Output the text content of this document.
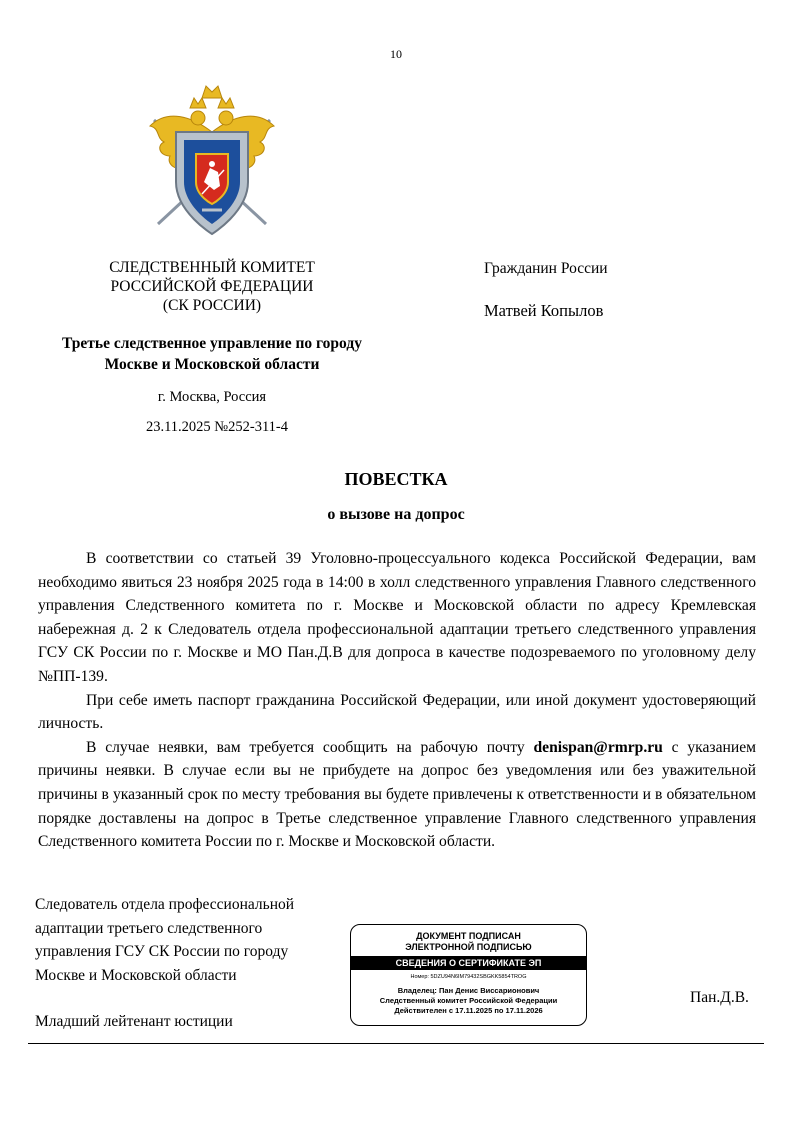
10
СЛЕДСТВЕННЫЙ КОМИТЕТ
РОССИЙСКОЙ ФЕДЕРАЦИИ
(СК РОССИИ)
Третье следственное управление по городу
Москве и Московской области
г. Москва, Россия
23.11.2025 №252-311-4
Гражданин России
Матвей Копылов
ПОВЕСТКА
о вызове на допрос

В соответствии со статьей 39 Уголовно-процессуального кодекса Российской Федерации, вам необходимо явиться 23 ноября 2025 года в 14:00 в холл следственного управления Главного следственного управления Следственного комитета по г. Москве и Московской области по адресу Кремлевская набережная д. 2 к Следователь отдела профессиональной адаптации третьего следственного управления ГСУ СК России по г. Москве и МО Пан.Д.В для допроса в качестве подозреваемого по уголовному делу №ПП-139.

При себе иметь паспорт гражданина Российской Федерации, или иной документ удостоверяющий личность.

В случае неявки, вам требуется сообщить на рабочую почту denispan@rmrp.ru с указанием причины неявки. В случае если вы не прибудете на допрос без уведомления или без уважительной причины в указанный срок по месту требования вы будете привлечены к ответственности и в обязательном порядке доставлены на допрос в Третье следственное управление Главного следственного управления Следственного комитета России по г. Москве и Московской области.

Следователь отдела профессиональной
адаптации третьего следственного
управления ГСУ СК России по городу
Москве и Московской области
Младший лейтенант юстиции
ДОКУМЕНТ ПОДПИСАН
ЭЛЕКТРОННОЙ ПОДПИСЬЮ
СВЕДЕНИЯ О СЕРТИФИКАТЕ ЭП
Номер: 5DZU94N6IM79432SBGKK5854TROG
Владелец: Пан Денис Виссарионович
Следственный комитет Российской Федерации
Действителен с 17.11.2025 по 17.11.2026
Пан.Д.В.
